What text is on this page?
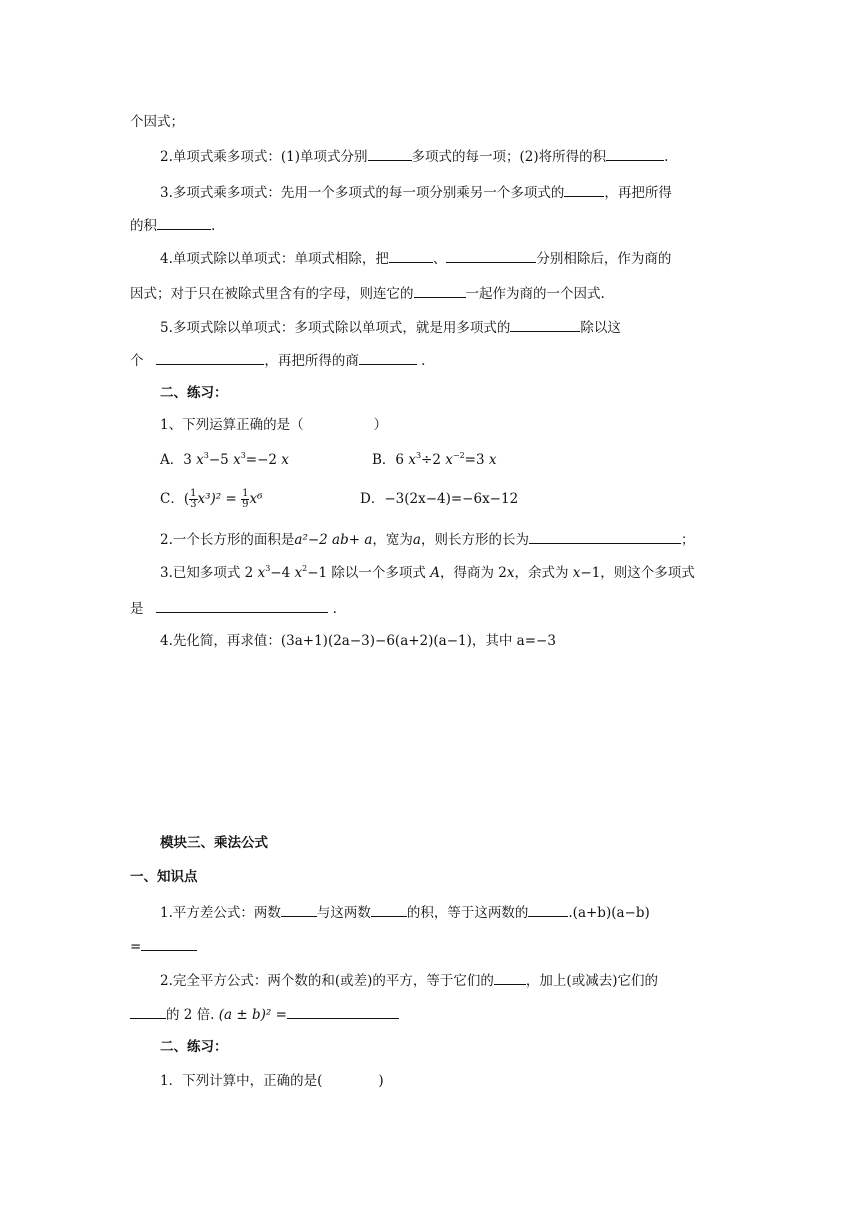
个因式；
2.单项式乘多项式：(1)单项式分别	多项式的每一项；(2)将所得的积	.
3.多项式乘多项式：先用一个多项式的每一项分别乘另一个多项式的	，再把所得
的积	.
4.单项式除以单项式：单项式相除，把	、	分别相除后，作为商的
因式；对于只在被除式里含有的字母，则连它的	一起作为商的一个因式.
5.多项式除以单项式：多项式除以单项式，就是用多项式的	除以这
个	，再把所得的商	.
二、练习：
1、下列运算正确的是（	）
A．3 $x^3-5$ $x^3=-2$ x	B．6 $x^3\div 2$ $x^{-2}=3$ x
C．( $\frac{1}{3} x^3)^2 = \frac{1}{9} x^6$	D．−3(2x−4)=−6x−12
2.一个长方形的面积是a²−2 ab+ a，宽为a，则长方形的长为	；
3.已知多项式 2 $x^3-4$ $x^2-1$ 除以一个多项式 A，得商为 2x，余式为 x−1，则这个多项式
是	.
4.先化简，再求值：(3a+1)(2a−3)−6(a+2)(a−1)，其中 a=−3
模块三、乘法公式
一、知识点
1.平方差公式：两数	与这两数	的积，等于这两数的	.(a+b)(a−b)
=
2.完全平方公式：两个数的和(或差)的平方，等于它们的 ，加上(或减去)它们的
的 2 倍. (a ± b)² =
二、练习：
1．下列计算中，正确的是(	)
